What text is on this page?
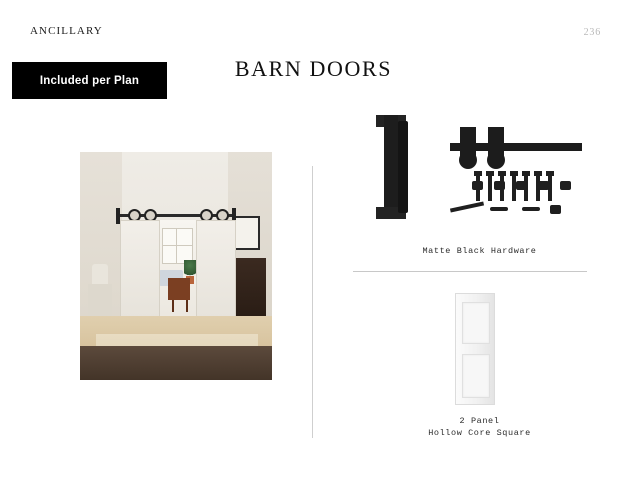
ANCILLARY	236
BARN DOORS
Included per Plan
Matte Black Hardware
2 Panel
Hollow Core Square
